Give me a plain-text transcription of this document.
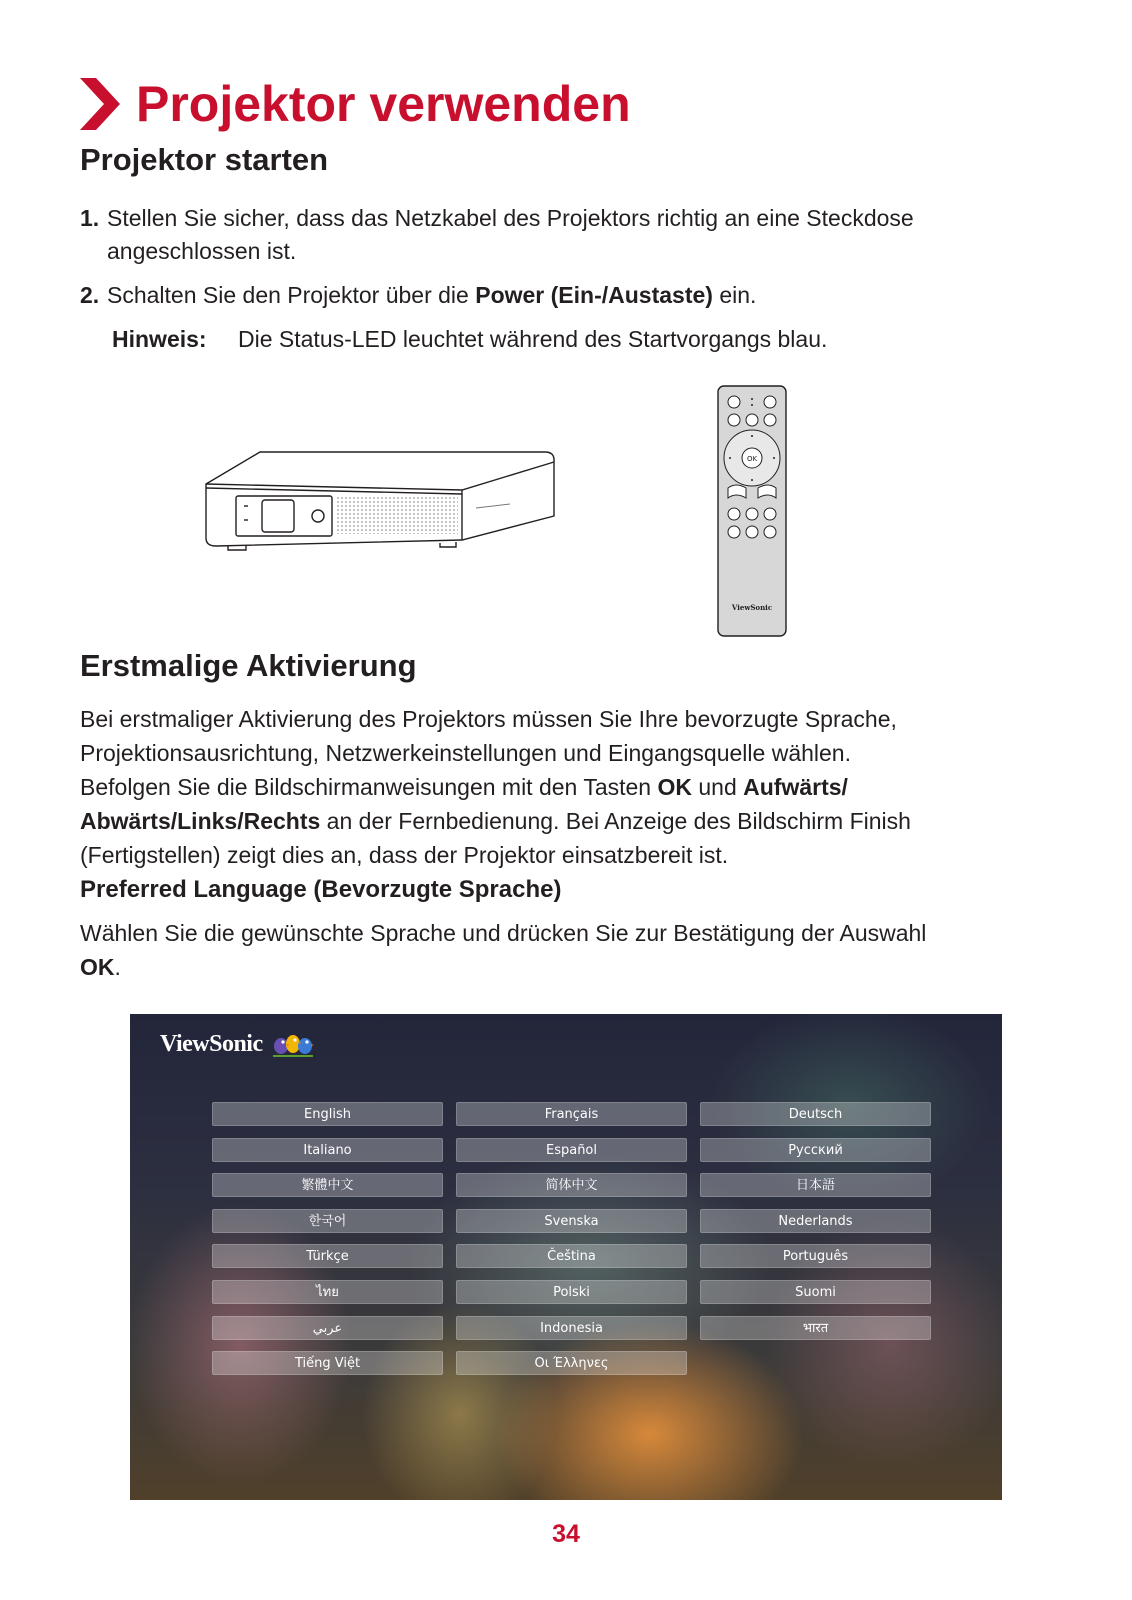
Projektor verwenden
Projektor starten
1. Stellen Sie sicher, dass das Netzkabel des Projektors richtig an eine Steckdose
angeschlossen ist.
2. Schalten Sie den Projektor über die Power (Ein-/Austaste) ein.
Hinweis: Die Status-LED leuchtet während des Startvorgangs blau.
OK
ViewSonic
Erstmalige Aktivierung
Bei erstmaliger Aktivierung des Projektors müssen Sie Ihre bevorzugte Sprache,
Projektionsausrichtung, Netzwerkeinstellungen und Eingangsquelle wählen.
Befolgen Sie die Bildschirmanweisungen mit den Tasten OK und Aufwärts/
Abwärts/Links/Rechts an der Fernbedienung. Bei Anzeige des Bildschirm Finish
(Fertigstellen) zeigt dies an, dass der Projektor einsatzbereit ist.
Preferred Language (Bevorzugte Sprache)
Wählen Sie die gewünschte Sprache und drücken Sie zur Bestätigung der Auswahl
OK.
ViewSonic
English	Français	Deutsch
Italiano	Español	Русский
繁體中文	简体中文	日本語
한국어	Svenska	Nederlands
Türkçe	Čeština	Português
ไทย	Polski	Suomi
عربي	Indonesia	भारत
Tiếng Việt	Οι Έλληνες
34
